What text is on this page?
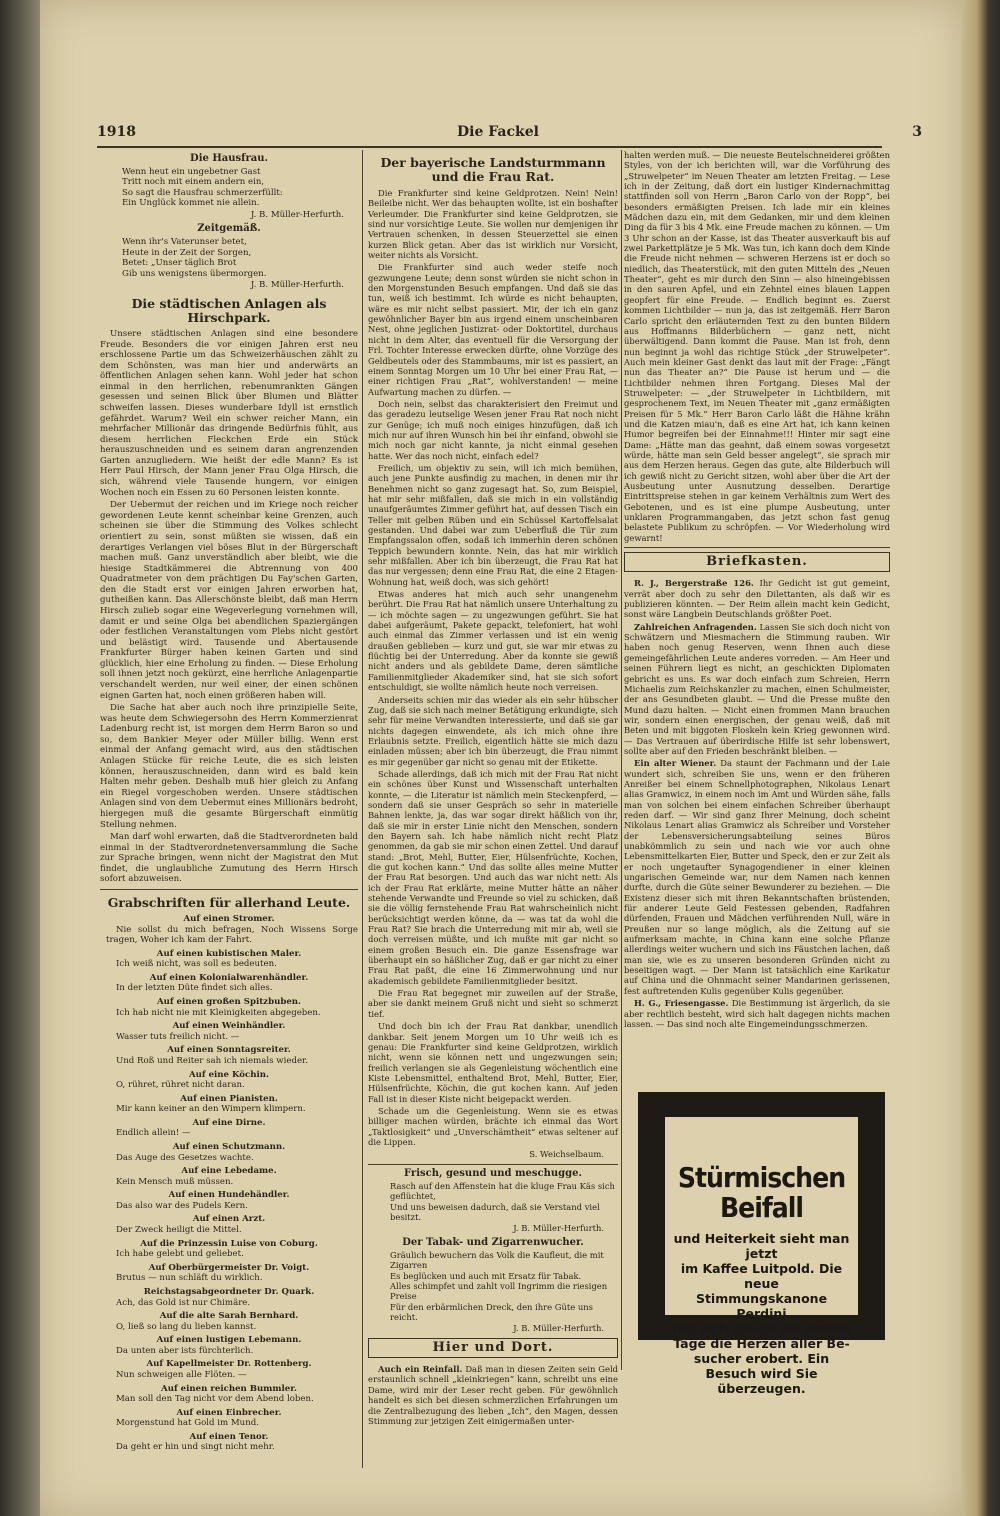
1918	Die Fackel	3
Die Hausfrau.

Wenn heut ein ungebetner Gast

Tritt noch mit einem andern ein,

So sagt die Hausfrau schmerzerfüllt:

Ein Unglück kommet nie allein.

J. B. Müller-Herfurth.
Zeitgemäß.

Wenn ihr's Vaterunser betet,

Heute in der Zeit der Sorgen,

Betet: „Unser täglich Brot

Gib uns wenigstens übermorgen.

J. B. Müller-Herfurth.
Die städtischen Anlagen als Hirschpark.

Unsere städtischen Anlagen sind eine besondere Freude. Besonders die vor einigen Jahren erst neu erschlossene Partie um das Schweizerhäuschen zählt zu dem Schönsten, was man hier und anderwärts an öffentlichen Anlagen sehen kann. Wohl jeder hat schon einmal in den herrlichen, rebenumrankten Gängen gesessen und seinen Blick über Blumen und Blätter schweifen lassen. Dieses wunderbare Idyll ist ernstlich gefährdet. Warum? Weil ein schwer reicher Mann, ein mehrfacher Millionär das dringende Bedürfnis fühlt, aus diesem herrlichen Fleckchen Erde ein Stück herauszuschneiden und es seinem daran angrenzenden Garten anzugliedern. Wie heißt der edle Mann? Es ist Herr Paul Hirsch, der Mann jener Frau Olga Hirsch, die sich, während viele Tausende hungern, vor einigen Wochen noch ein Essen zu 60 Personen leisten konnte.

Der Uebermut der reichen und im Kriege noch reicher gewordenen Leute kennt scheinbar keine Grenzen, auch scheinen sie über die Stimmung des Volkes schlecht orientiert zu sein, sonst müßten sie wissen, daß ein derartiges Verlangen viel böses Blut in der Bürgerschaft machen muß. Ganz unverständlich aber bleibt, wie die hiesige Stadtkämmerei die Abtrennung von 400 Quadratmeter von dem prächtigen Du Fay'schen Garten, den die Stadt erst vor einigen Jahren erworben hat, gutheißen kann. Das Allerschönste bleibt, daß man Herrn Hirsch zulieb sogar eine Wegeverlegung vornehmen will, damit er und seine Olga bei abendlichen Spaziergängen oder festlichen Veranstaltungen vom Plebs nicht gestört und belästigt wird. Tausende und Abertausende Frankfurter Bürger haben keinen Garten und sind glücklich, hier eine Erholung zu finden. — Diese Erholung soll ihnen jetzt noch gekürzt, eine herrliche Anlagenpartie verschandelt werden, nur weil einer, der einen schönen eignen Garten hat, noch einen größeren haben will.

Die Sache hat aber auch noch ihre prinzipielle Seite, was heute dem Schwiegersohn des Herrn Kommerzienrat Ladenburg recht ist, ist morgen dem Herrn Baron so und so, dem Bankier Meyer oder Müller billig. Wenn erst einmal der Anfang gemacht wird, aus den städtischen Anlagen Stücke für reiche Leute, die es sich leisten können, herauszuschneiden, dann wird es bald kein Halten mehr geben. Deshalb muß hier gleich zu Anfang ein Riegel vorgeschoben werden. Unsere städtischen Anlagen sind von dem Uebermut eines Millionärs bedroht, hiergegen muß die gesamte Bürgerschaft einmütig Stellung nehmen.

Man darf wohl erwarten, daß die Stadtverordneten bald einmal in der Stadtverordnetenversammlung die Sache zur Sprache bringen, wenn nicht der Magistrat den Mut findet, die unglaubliche Zumutung des Herrn Hirsch sofort abzuweisen.

Grabschriften für allerhand Leute.
Auf einen Stromer.

Nie sollst du mich befragen, Noch Wissens Sorge tragen, Woher ich kam der Fahrt.

Auf einen kubistischen Maler.

Ich weiß nicht, was soll es bedeuten.

Auf einen Kolonialwarenhändler.

In der letzten Düte findet sich alles.

Auf einen großen Spitzbuben.

Ich hab nicht nie mit Kleinigkeiten abgegeben.

Auf einen Weinhändler.

Wasser tuts freilich nicht. —

Auf einen Sonntagsreiter.

Und Roß und Reiter sah ich niemals wieder.

Auf eine Köchin.

O, rühret, rühret nicht daran.

Auf einen Pianisten.

Mir kann keiner an den Wimpern klimpern.

Auf eine Dirne.

Endlich allein! —

Auf einen Schutzmann.

Das Auge des Gesetzes wachte.

Auf eine Lebedame.

Kein Mensch muß müssen.

Auf einen Hundehändler.

Das also war des Pudels Kern.

Auf einen Arzt.

Der Zweck heiligt die Mittel.

Auf die Prinzessin Luise von Coburg.

Ich habe gelebt und geliebet.

Auf Oberbürgermeister Dr. Voigt.

Brutus — nun schläft du wirklich.

Reichstagsabgeordneter Dr. Quark.

Ach, das Gold ist nur Chimäre.

Auf die alte Sarah Bernhard.

O, ließ so lang du lieben kannst.

Auf einen lustigen Lebemann.

Da unten aber ists fürchterlich.

Auf Kapellmeister Dr. Rottenberg.

Nun schweigen alle Flöten. —

Auf einen reichen Bummler.

Man soll den Tag nicht vor dem Abend loben.

Auf einen Einbrecher.

Morgenstund hat Gold im Mund.

Auf einen Tenor.

Da geht er hin und singt nicht mehr.

Der bayerische Landsturmmann und die Frau Rat.

Die Frankfurter sind keine Geldprotzen. Nein! Nein! Beileibe nicht. Wer das behaupten wollte, ist ein boshafter Verleumder. Die Frankfurter sind keine Geldprotzen, sie sind nur vorsichtige Leute. Sie wollen nur demjenigen ihr Vertrauen schenken, in dessen Steuerzettel sie einen kurzen Blick getan. Aber das ist wirklich nur Vorsicht, weiter nichts als Vorsicht.

Die Frankfurter sind auch weder steife noch gezwungene Leute; denn sonst würden sie nicht schon in den Morgenstunden Besuch empfangen. Und daß sie das tun, weiß ich bestimmt. Ich würde es nicht behaupten, wäre es mir nicht selbst passiert. Mir, der ich ein ganz gewöhnlicher Bayer bin aus irgend einem unscheinbaren Nest, ohne jeglichen Justizrat- oder Doktortitel, durchaus nicht in dem Alter, das eventuell für die Versorgung der Frl. Tochter Interesse erwecken dürfte, ohne Vorzüge des Geldbeutels oder des Stammbaums, mir ist es passiert, an einem Sonntag Morgen um 10 Uhr bei einer Frau Rat, — einer richtigen Frau „Rat“, wohlverstanden! — meine Aufwartung machen zu dürfen. —

Doch nein, selbst das charakterisiert den Freimut und das geradezu leutselige Wesen jener Frau Rat noch nicht zur Genüge; ich muß noch einiges hinzufügen, daß ich mich nur auf ihren Wunsch hin bei ihr einfand, obwohl sie mich noch gar nicht kannte, ja nicht einmal gesehen hatte. Wer das noch nicht, einfach edel?

Freilich, um objektiv zu sein, will ich mich bemühen, auch jene Punkte ausfindig zu machen, in denen mir ihr Benehmen nicht so ganz zugesagt hat. So, zum Beispiel, hat mir sehr mißfallen, daß sie mich in ein vollständig unaufgeräumtes Zimmer geführt hat, auf dessen Tisch ein Teller mit gelben Rüben und ein Schüssel Kartoffelsalat gestanden. Und dabei war zum Ueberfluß die Tür zum Empfangssalon offen, sodaß ich immerhin deren schönen Teppich bewundern konnte. Nein, das hat mir wirklich sehr mißfallen. Aber ich bin überzeugt, die Frau Rat hat das nur vergessen; denn eine Frau Rat, die eine 2 Etagen-Wohnung hat, weiß doch, was sich gehört!

Etwas anderes hat mich auch sehr unangenehm berührt. Die Frau Rat hat nämlich unsere Unterhaltung zu — ich möchte sagen — zu ungezwungen geführt. Sie hat dabei aufgeräumt, Pakete gepackt, telefoniert, hat wohl auch einmal das Zimmer verlassen und ist ein wenig draußen geblieben — kurz und gut, sie war mir etwas zu flüchtig bei der Unterredung. Aber da konnte sie gewiß nicht anders und als gebildete Dame, deren sämtliche Familienmitglieder Akademiker sind, hat sie sich sofort entschuldigt, sie wollte nämlich heute noch verreisen.

Anderseits schien mir das wieder als ein sehr hübscher Zug, daß sie sich nach meiner Betätigung erkundigte, sich sehr für meine Verwandten interessierte, und daß sie gar nichts dagegen einwendete, als ich mich ohne ihre Erlaubnis setzte. Freilich, eigentlich hätte sie mich dazu einladen müssen; aber ich bin überzeugt, die Frau nimmt es mir gegenüber gar nicht so genau mit der Etikette.

Schade allerdings, daß ich mich mit der Frau Rat nicht ein schönes über Kunst und Wissenschaft unterhalten konnte, — die Literatur ist nämlich mein Steckenpferd, — sondern daß sie unser Gespräch so sehr in materielle Bahnen lenkte, ja, das war sogar direkt häßlich von ihr, daß sie mir in erster Linie nicht den Menschen, sondern den Bayern sah. Ich habe nämlich nicht recht Platz genommen, da gab sie mir schon einen Zettel. Und darauf stand: „Brot, Mehl, Butter, Eier, Hülsenfrüchte, Kochen, die gut kochen kann.“ Und das sollte alles meine Mutter der Frau Rat besorgen. Und auch das war nicht nett: Als ich der Frau Rat erklärte, meine Mutter hätte an näher stehende Verwandte und Freunde so viel zu schicken, daß sie die völlig fernstehende Frau Rat wahrscheinlich nicht berücksichtigt werden könne, da — was tat da wohl die Frau Rat? Sie brach die Unterredung mit mir ab, weil sie doch verreisen müßte, und ich mußte mit gar nicht so einem großen Besuch ein. Die ganze Essensfrage war überhaupt ein so häßlicher Zug, daß er gar nicht zu einer Frau Rat paßt, die eine 16 Zimmerwohnung und nur akademisch gebildete Familienmitglieder besitzt.

Die Frau Rat begegnet mir zuweilen auf der Straße, aber sie dankt meinem Gruß nicht und sieht so schmerzt tief.

Und doch bin ich der Frau Rat dankbar, unendlich dankbar. Seit jenem Morgen um 10 Uhr weiß ich es genau: Die Frankfurter sind keine Geldprotzen, wirklich nicht, wenn sie können nett und ungezwungen sein; freilich verlangen sie als Gegenleistung wöchentlich eine Kiste Lebensmittel, enthaltend Brot, Mehl, Butter, Eier, Hülsenfrüchte, Köchin, die gut kochen kann. Auf jeden Fall ist in dieser Kiste nicht beigepackt werden.

Schade um die Gegenleistung. Wenn sie es etwas billiger machen würden, brächte ich einmal das Wort „Taktlosigkeit“ und „Unverschämtheit“ etwas seltener auf die Lippen.

S. Weichselbaum.
Frisch, gesund und meschugge.

Rasch auf den Affenstein hat die kluge Frau Käs sich geflüchtet,

Und uns beweisen dadurch, daß sie Verstand viel besitzt.

J. B. Müller-Herfurth.
Der Tabak- und Zigarrenwucher.

Gräulich bewuchern das Volk die Kaufleut, die mit Zigarren

Es beglücken und auch mit Ersatz für Tabak.

Alles schimpfet und zahlt voll Ingrimm die riesigen Preise

Für den erbärmlichen Dreck, den ihre Güte uns reicht.

J. B. Müller-Herfurth.
Hier und Dort.

Auch ein Reinfall. Daß man in diesen Zeiten sein Geld erstaunlich schnell „kleinkriegen“ kann, schreibt uns eine Dame, wird mir der Leser recht geben. Für gewöhnlich handelt es sich bei diesen schmerzlichen Erfahrungen um die Zentralbezugung des lieben „Ich“, den Magen, dessen Stimmung zur jetzigen Zeit einigermaßen unter-

halten werden muß. — Die neueste Beutelschneiderei größten Styles, von der ich berichten will, war die Vorführung des „Struwelpeter“ im Neuen Theater am letzten Freitag. — Lese ich in der Zeitung, daß dort ein lustiger Kindernachmittag stattfinden soll von Herrn „Baron Carlo von der Ropp“, bei besonders ermäßigten Preisen. Ich lade mir ein kleines Mädchen dazu ein, mit dem Gedanken, mir und dem kleinen Ding da für 3 bis 4 Mk. eine Freude machen zu können. — Um 3 Uhr schon an der Kasse, ist das Theater ausverkauft bis auf zwei Parkettplätze je 5 Mk. Was tun, ich kann doch dem Kinde die Freude nicht nehmen — schweren Herzens ist er doch so niedlich, das Theaterstück, mit den guten Mitteln des „Neuen Theater“, geht es mir durch den Sinn — also hineingebissen in den sauren Apfel, und ein Zehntel eines blauen Lappen geopfert für eine Freude. — Endlich beginnt es. Zuerst kommen Lichtbilder — nun ja, das ist zeitgemäß. Herr Baron Carlo spricht den erläuternden Text zu den bunten Bildern aus Hoffmanns Bilderbüchern — ganz nett, nicht überwältigend. Dann kommt die Pause. Man ist froh, denn nun beginnt ja wohl das richtige Stück „der Struwelpeter“. Auch mein kleiner Gast denkt das laut mit der Frage: „Fängt nun das Theater an?“ Die Pause ist herum und — die Lichtbilder nehmen ihren Fortgang. Dieses Mal der Struwelpeter: — „der Struwelpeter in Lichtbildern, mit gesprochenem Text, im Neuen Theater mit „ganz ermäßigten Preisen für 5 Mk.“ Herr Baron Carlo läßt die Hähne krähn und die Katzen miau'n, daß es eine Art hat, ich kann keinen Humor begreifen bei der Einnahme!!! Hinter mir sagt eine Dame: „Hätte man das geahnt, daß einem sowas vorgesetzt würde, hätte man sein Geld besser angelegt“, sie sprach mir aus dem Herzen heraus. Gegen das gute, alte Bilderbuch will ich gewiß nicht zu Gericht sitzen, wohl aber über die Art der Ausbeutung unter Ausnutzung desselben. Derartige Eintrittspreise stehen in gar keinem Verhältnis zum Wert des Gebotenen, und es ist eine plumpe Ausbeutung, unter unklaren Programmangaben, das jetzt schon fast genug belastete Publikum zu schröpfen. — Vor Wiederholung wird gewarnt!

Briefkasten.

R. J., Bergerstraße 126. Ihr Gedicht ist gut gemeint, verrät aber doch zu sehr den Dilettanten, als daß wir es publizieren könnten. — Der Reim allein macht kein Gedicht, sonst wäre Langbein Deutschlands größter Poet.

Zahlreichen Anfragenden. Lassen Sie sich doch nicht von Schwätzern und Miesmachern die Stimmung rauben. Wir haben noch genug Reserven, wenn Ihnen auch diese gemeingefährlichen Leute anderes vorreden. — Am Heer und seinen Führern liegt es nicht, an geschickten Diplomaten gebricht es uns. Es war doch einfach zum Schreien, Herrn Michaelis zum Reichskanzler zu machen, einen Schulmeister, der ans Gesundbeten glaubt. — Und die Presse mußte den Mund dazu halten. — Nicht einen frommen Mann brauchen wir, sondern einen energischen, der genau weiß, daß mit Beten und mit biggoten Floskeln kein Krieg gewonnen wird. — Das Vertrauen auf überirdische Hilfe ist sehr lobenswert, sollte aber auf den Frieden beschränkt bleiben. —

Ein alter Wiener. Da staunt der Fachmann und der Laie wundert sich, schreiben Sie uns, wenn er den früheren Anreißer bei einem Schnellphotographen, Nikolaus Lenart alias Gramwicz, in einem noch im Amt und Würden sähe, falls man von solchen bei einem einfachen Schreiber überhaupt reden darf. — Wir sind ganz Ihrer Meinung, doch scheint Nikolaus Lenart alias Gramwicz als Schreiber und Vorsteher der Lebensversicherungsabteilung seines Büros unabkömmlich zu sein und nach wie vor auch ohne Lebensmittelkarten Eier, Butter und Speck, den er zur Zeit als er noch ungetaufter Synagogendiener in einer kleinen ungarischen Gemeinde war, nur dem Namen nach kennen durfte, durch die Güte seiner Bewunderer zu beziehen. — Die Existenz dieser sich mit ihren Bekanntschaften brüstenden, für anderer Leute Geld Festessen gebenden, Radfahren dürfenden, Frauen und Mädchen verführenden Null, wäre in Preußen nur so lange möglich, als die Zeitung auf sie aufmerksam machte, in China kann eine solche Pflanze allerdings weiter wuchern und sich ins Fäustchen lachen, daß man sie, wie es zu unseren besonderen Gründen nicht zu beseitigen wagt. — Der Mann ist tatsächlich eine Karikatur auf China und die Ohnmacht seiner Mandarinen gerissenen, fest auftretenden Kulis gegenüber Kulis gegenüber.

H. G., Friesengasse. Die Bestimmung ist ärgerlich, da sie aber rechtlich besteht, wird sich halt dagegen nichts machen lassen. — Das sind noch alte Eingemeindungsschmerzen.

Stürmischen Beifall
und Heiterkeit sieht man jetzt
im Kaffee Luitpold. Die neue
Stimmungskanone Perdini
hat sich gleich am ersten
Tage die Herzen aller Be-
sucher erobert. Ein
Besuch wird Sie
überzeugen.
